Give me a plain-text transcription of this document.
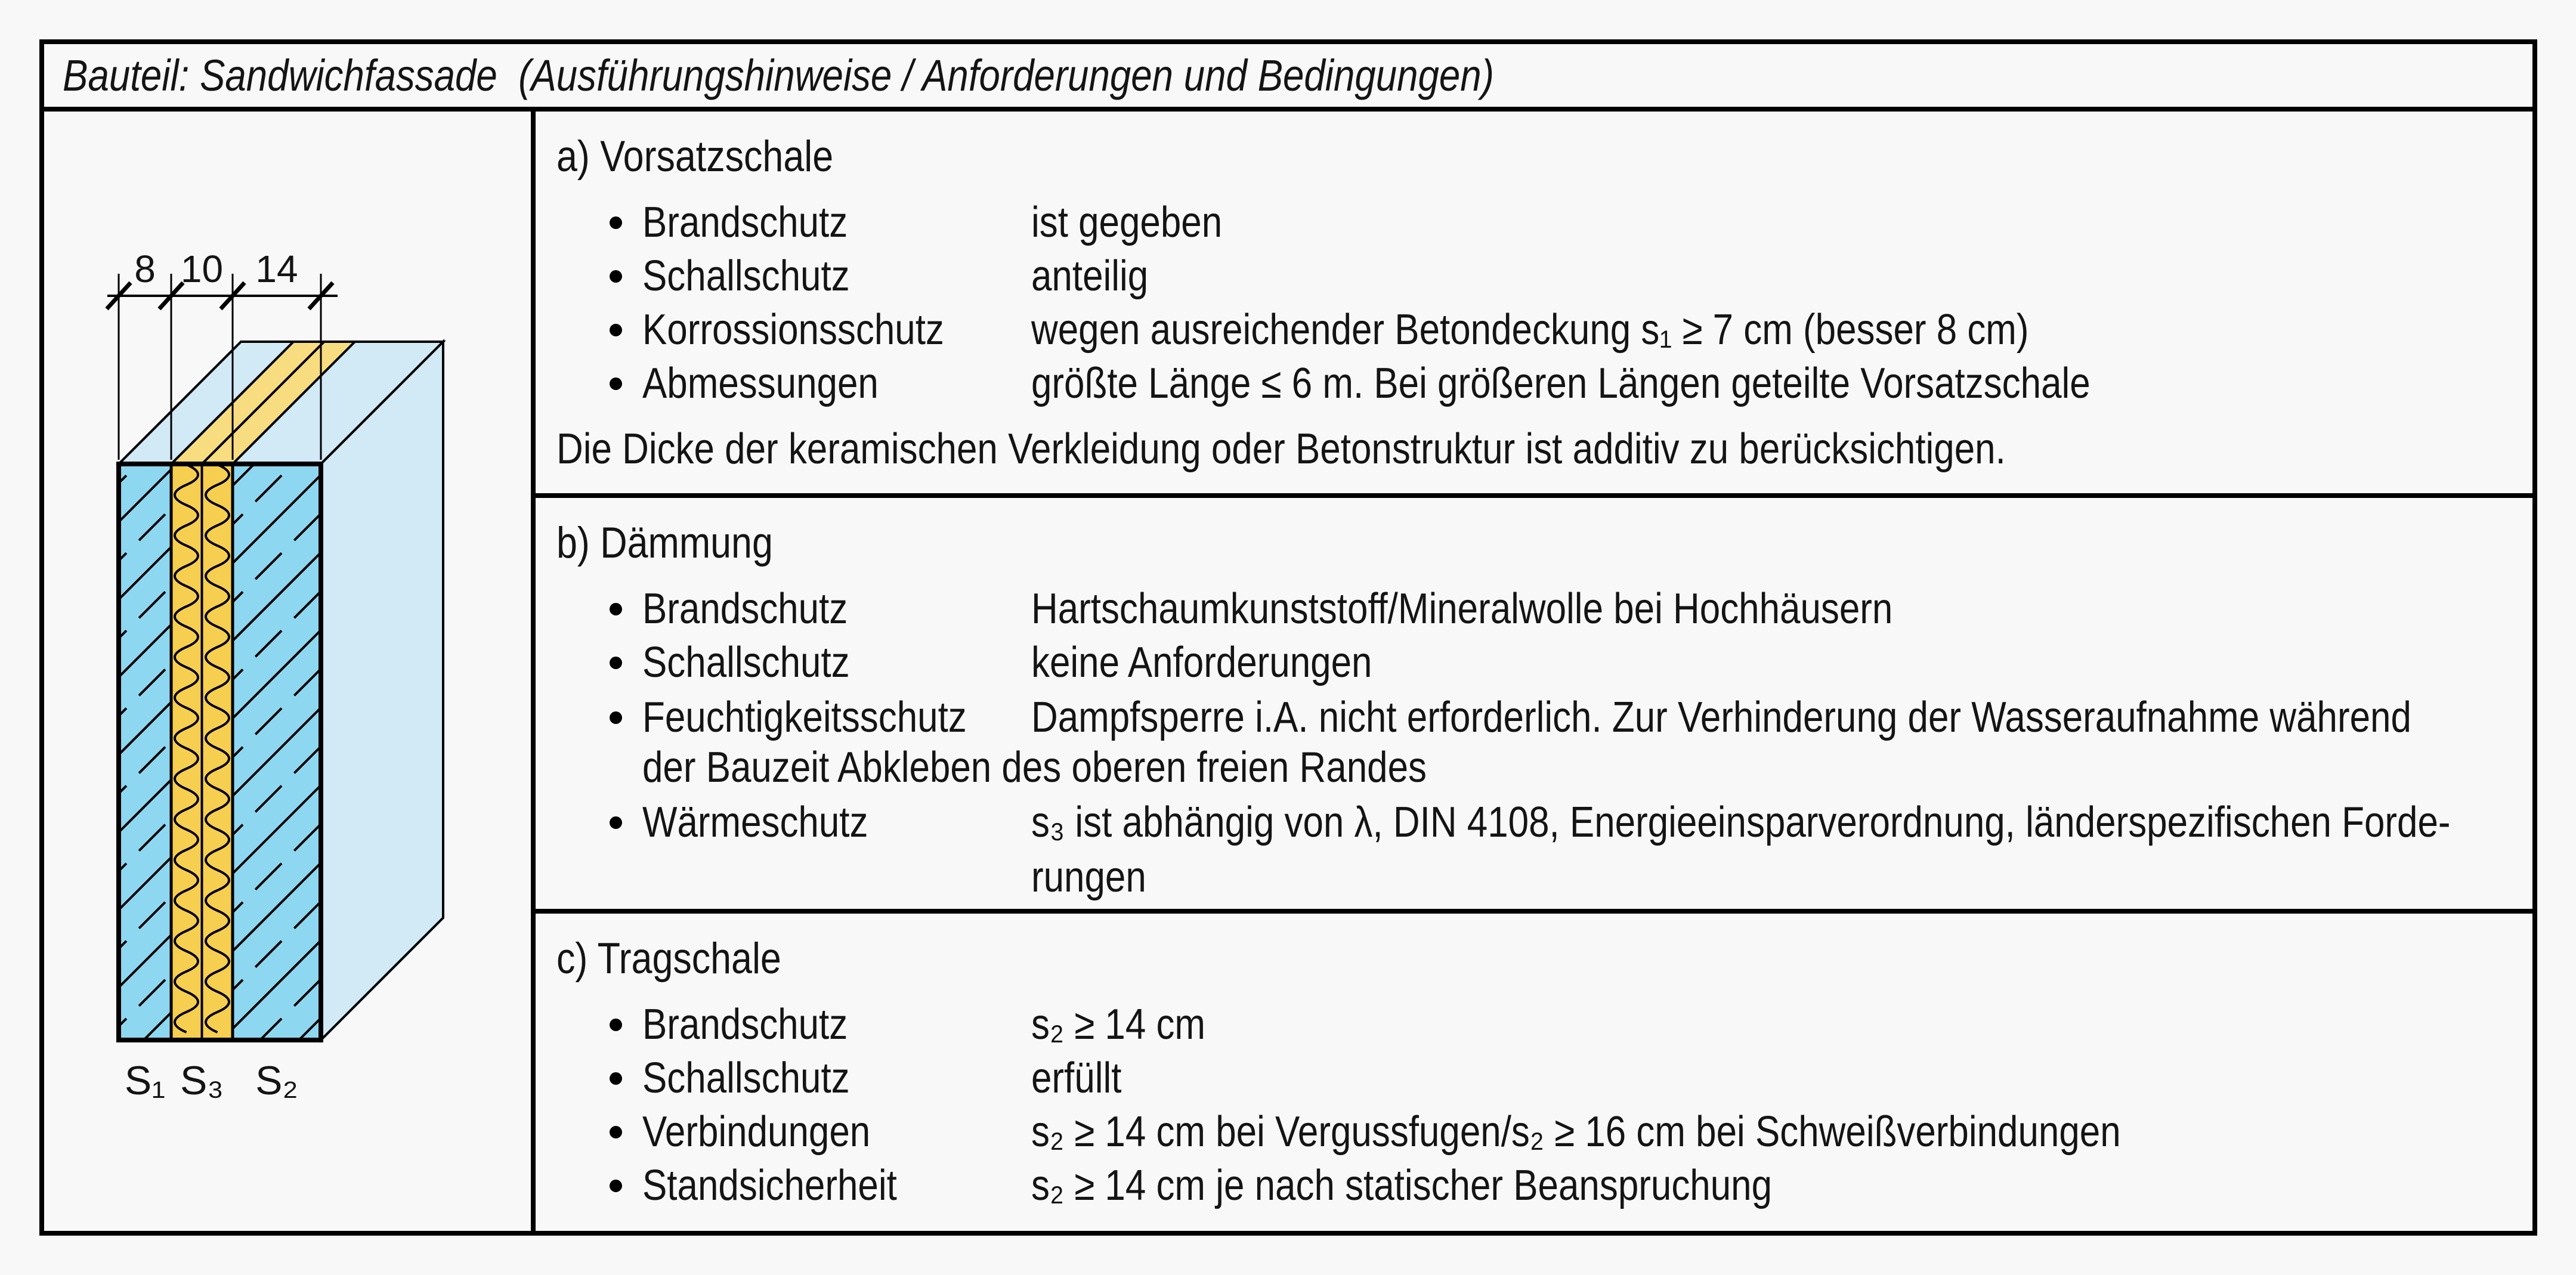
Bauteil: Sandwichfassade  (Ausführungshinweise / Anforderungen und Bedingungen)
8 10 14
S₁ S₃ S₂
a) Vorsatzschale
Brandschutz	ist gegeben
Schallschutz	anteilig
Korrossionsschutz wegen ausreichender Betondeckung s₁ ≥ 7 cm (besser 8 cm)
Abmessungen	größte Länge ≤ 6 m. Bei größeren Längen geteilte Vorsatzschale
Die Dicke der keramischen Verkleidung oder Betonstruktur ist additiv zu berücksichtigen.
b) Dämmung
Brandschutz	Hartschaumkunststoff/Mineralwolle bei Hochhäusern
Schallschutz	keine Anforderungen
Feuchtigkeitsschutz Dampfsperre i.A. nicht erforderlich. Zur Verhinderung der Wasseraufnahme während
der Bauzeit Abkleben des oberen freien Randes
Wärmeschutz	s₃ ist abhängig von λ, DIN 4108, Energieeinsparverordnung, länderspezifischen Forde-
rungen
c) Tragschale
Brandschutz	s₂ ≥ 14 cm
Schallschutz	erfüllt
Verbindungen	s₂ ≥ 14 cm bei Vergussfugen/s₂ ≥ 16 cm bei Schweißverbindungen
Standsicherheit	s₂ ≥ 14 cm je nach statischer Beanspruchung
